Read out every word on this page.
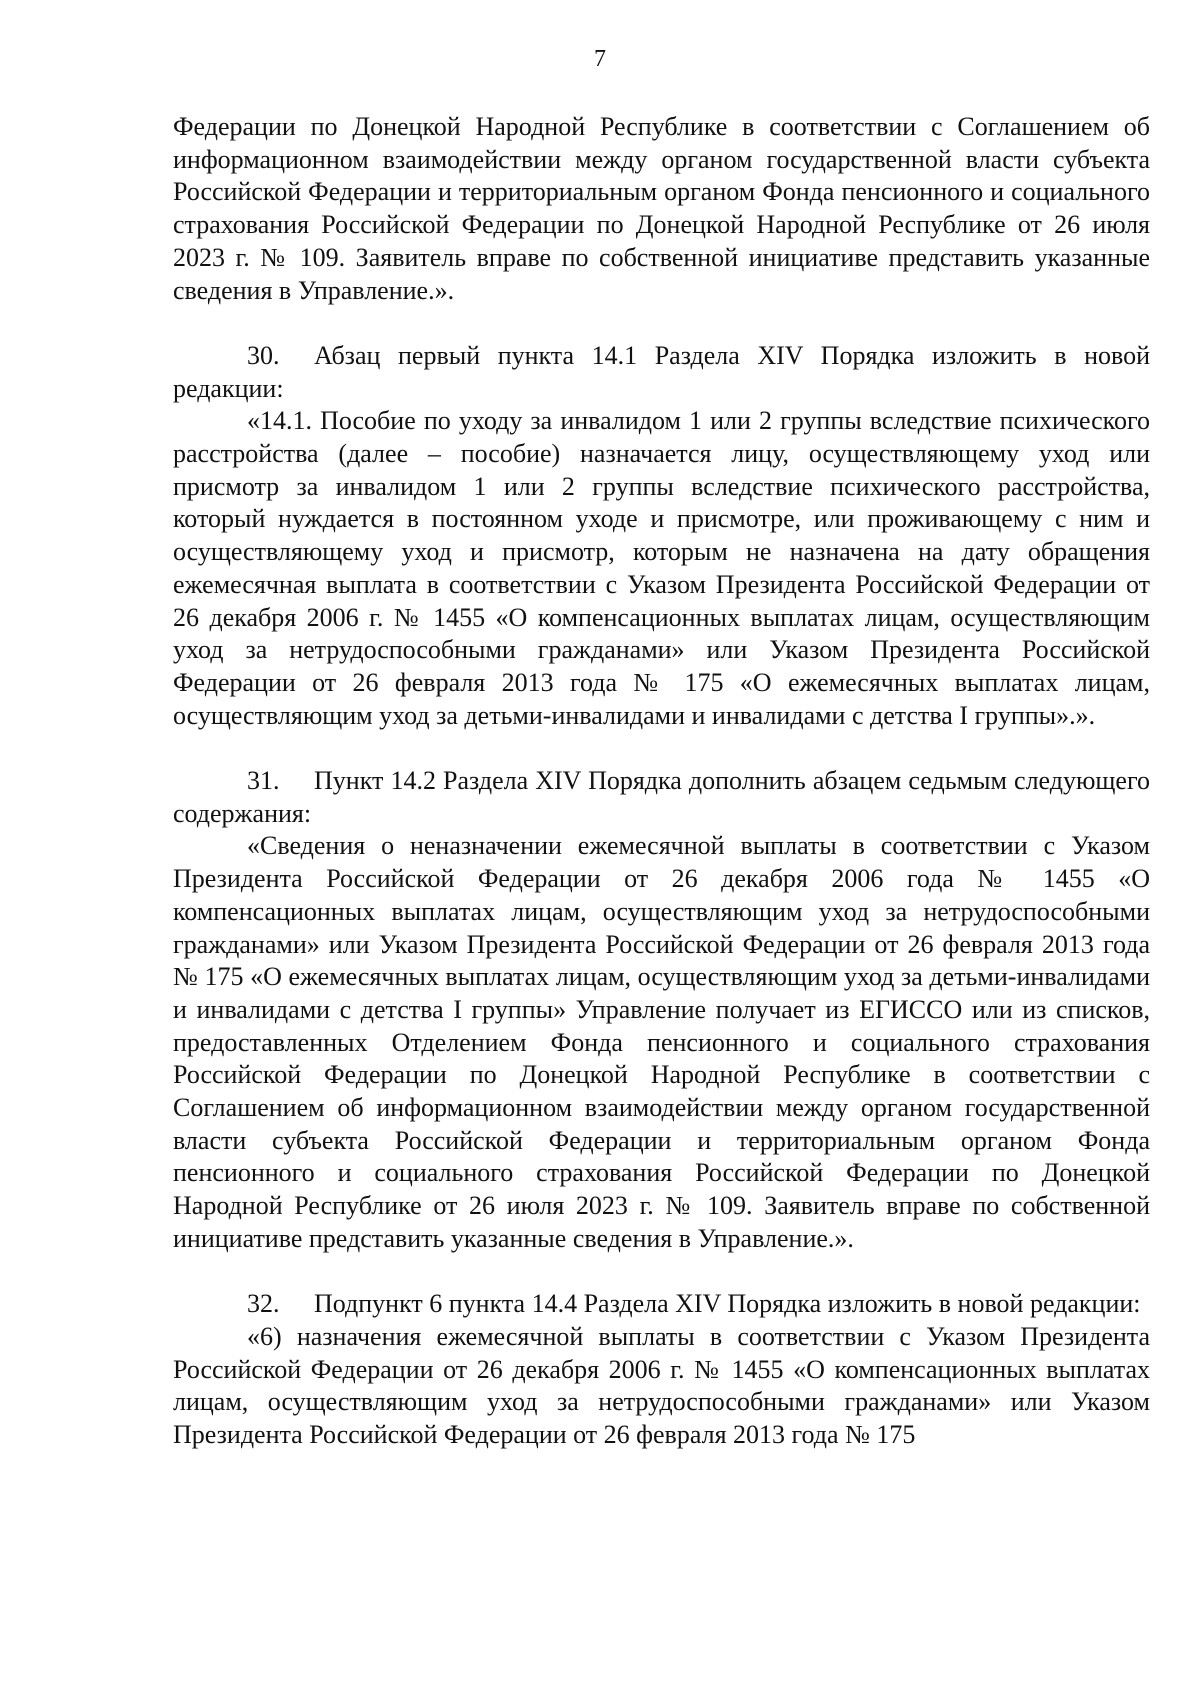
7

Федерации по Донецкой Народной Республике в соответствии с Соглашением об информационном взаимодействии между органом государственной власти субъекта Российской Федерации и территориальным органом Фонда пенсионного и социального страхования Российской Федерации по Донецкой Народной Республике от 26 июля 2023 г. № 109. Заявитель вправе по собственной инициативе представить указанные сведения в Управление.».

30. Абзац первый пункта 14.1 Раздела XIV Порядка изложить в новой редакции:

«14.1. Пособие по уходу за инвалидом 1 или 2 группы вследствие психического расстройства (далее – пособие) назначается лицу, осуществляющему уход или присмотр за инвалидом 1 или 2 группы вследствие психического расстройства, который нуждается в постоянном уходе и присмотре, или проживающему с ним и осуществляющему уход и присмотр, которым не назначена на дату обращения ежемесячная выплата в соответствии с Указом Президента Российской Федерации от 26 декабря 2006 г. № 1455 «О компенсационных выплатах лицам, осуществляющим уход за нетрудоспособными гражданами» или Указом Президента Российской Федерации от 26 февраля 2013 года № 175 «О ежемесячных выплатах лицам, осуществляющим уход за детьми-инвалидами и инвалидами с детства I группы».».

31. Пункт 14.2 Раздела XIV Порядка дополнить абзацем седьмым следующего содержания:

«Сведения о неназначении ежемесячной выплаты в соответствии с Указом Президента Российской Федерации от 26 декабря 2006 года № 1455 «О компенсационных выплатах лицам, осуществляющим уход за нетрудоспособными гражданами» или Указом Президента Российской Федерации от 26 февраля 2013 года № 175 «О ежемесячных выплатах лицам, осуществляющим уход за детьми-инвалидами и инвалидами с детства I группы» Управление получает из ЕГИССО или из списков, предоставленных Отделением Фонда пенсионного и социального страхования Российской Федерации по Донецкой Народной Республике в соответствии с Соглашением об информационном взаимодействии между органом государственной власти субъекта Российской Федерации и территориальным органом Фонда пенсионного и социального страхования Российской Федерации по Донецкой Народной Республике от 26 июля 2023 г. № 109. Заявитель вправе по собственной инициативе представить указанные сведения в Управление.».

32. Подпункт 6 пункта 14.4 Раздела XIV Порядка изложить в новой редакции:

«6) назначения ежемесячной выплаты в соответствии с Указом Президента Российской Федерации от 26 декабря 2006 г. № 1455 «О компенсационных выплатах лицам, осуществляющим уход за нетрудоспособными гражданами» или Указом Президента Российской Федерации от 26 февраля 2013 года № 175
